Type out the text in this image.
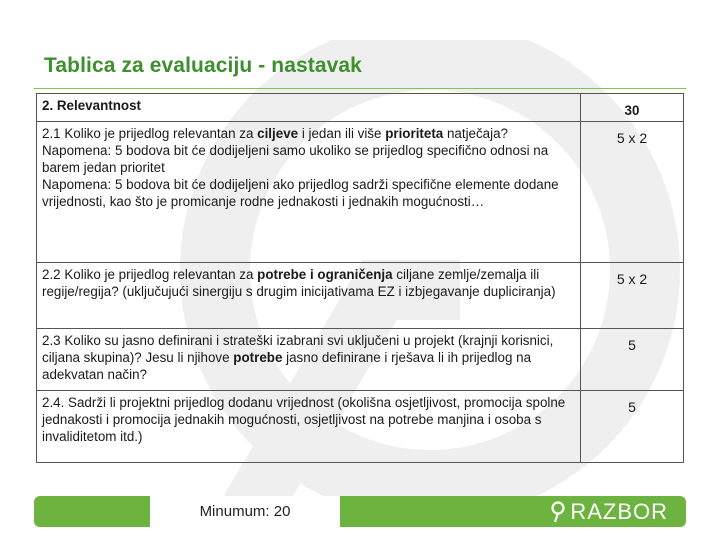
Tablica za evaluaciju - nastavak
2. Relevantnost	30

2.1 Koliko je prijedlog relevantan za ciljeve i jedan ili više prioriteta natječaja?
Napomena: 5 bodova bit će dodijeljeni samo ukoliko se prijedlog specifično odnosi na barem jedan prioritet
Napomena: 5 bodova bit će dodijeljeni ako prijedlog sadrži specifične elemente dodane vrijednosti, kao što je promicanje rodne jednakosti i jednakih mogućnosti…	5 x 2
2.2 Koliko je prijedlog relevantan za potrebe i ograničenja ciljane zemlje/zemalja ili regije/regija? (uključujući sinergiju s drugim inicijativama EZ i izbjegavanje dupliciranja)	5 x 2
2.3 Koliko su jasno definirani i strateški izabrani svi uključeni u projekt (krajnji korisnici, ciljana skupina)? Jesu li njihove potrebe jasno definirane i rješava li ih prijedlog na adekvatan način?	5
2.4. Sadrži li projektni prijedlog dodanu vrijednost (okolišna osjetljivost, promocija spolne jednakosti i promocija jednakih mogućnosti, osjetljivost na potrebe manjina i osoba s invaliditetom itd.)	5
Minumum: 20	RAZBOR
